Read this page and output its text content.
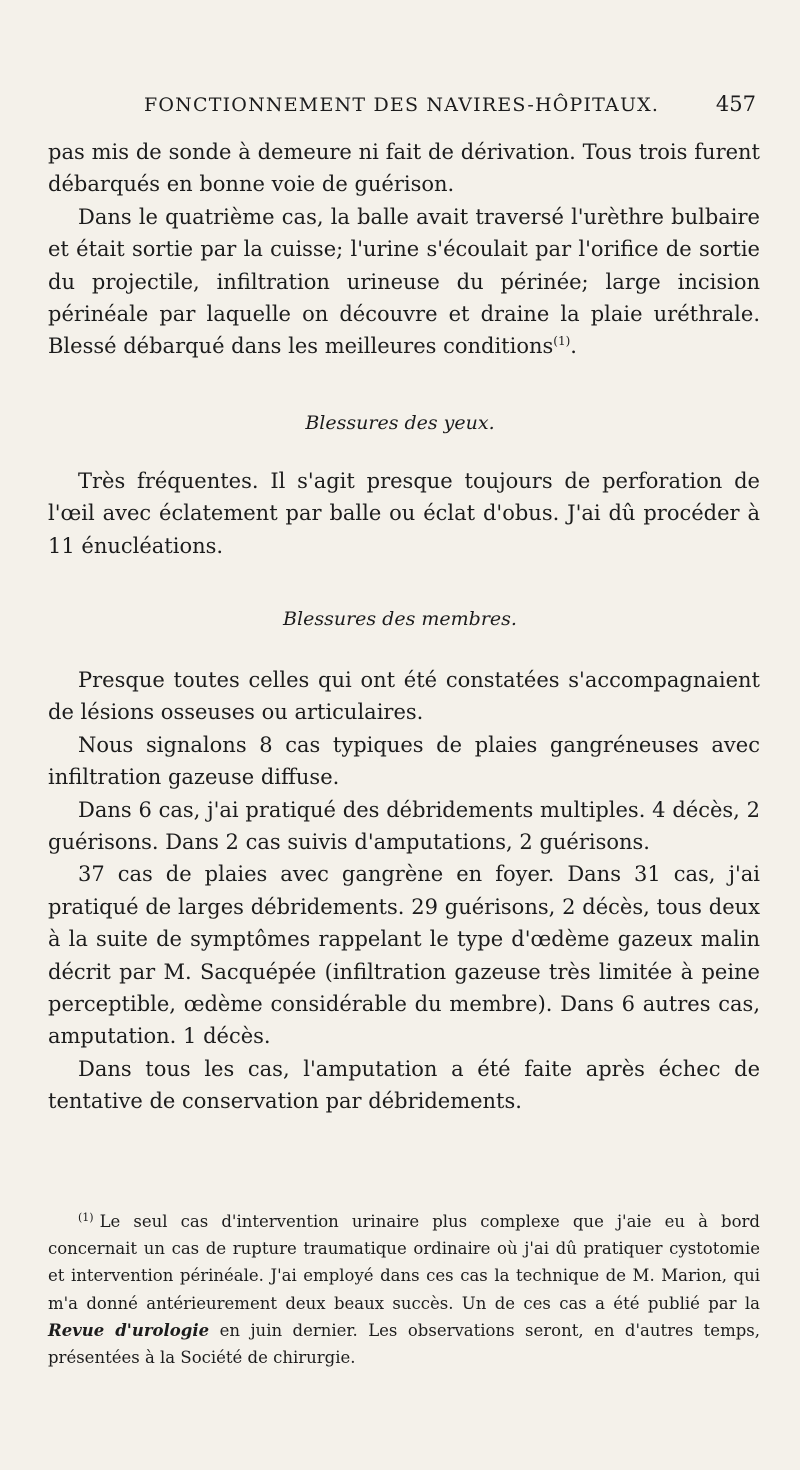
FONCTIONNEMENT DES NAVIRES-HÔPITAUX.	457

pas mis de sonde à demeure ni fait de dérivation. Tous trois furent débarqués en bonne voie de guérison.

Dans le quatrième cas, la balle avait traversé l'urèthre bulbaire et était sortie par la cuisse; l'urine s'écoulait par l'orifice de sortie du projectile, infiltration urineuse du périnée; large incision périnéale par laquelle on découvre et draine la plaie uréthrale. Blessé débarqué dans les meilleures conditions$^{(1)}$.

Blessures des yeux.

Très fréquentes. Il s'agit presque toujours de perforation de l'œil avec éclatement par balle ou éclat d'obus. J'ai dû procéder à 11 énucléations.

Blessures des membres.

Presque toutes celles qui ont été constatées s'accompagnaient de lésions osseuses ou articulaires.

Nous signalons 8 cas typiques de plaies gangréneuses avec infiltration gazeuse diffuse.

Dans 6 cas, j'ai pratiqué des débridements multiples. 4 décès, 2 guérisons. Dans 2 cas suivis d'amputations, 2 guérisons.

37 cas de plaies avec gangrène en foyer. Dans 31 cas, j'ai pratiqué de larges débridements. 29 guérisons, 2 décès, tous deux à la suite de symptômes rappelant le type d'œdème gazeux malin décrit par M. Sacquépée (infiltration gazeuse très limitée à peine perceptible, œdème considérable du membre). Dans 6 autres cas, amputation. 1 décès.

Dans tous les cas, l'amputation a été faite après échec de tentative de conservation par débridements.

$^{(1)}$ Le seul cas d'intervention urinaire plus complexe que j'aie eu à bord concernait un cas de rupture traumatique ordinaire où j'ai dû pratiquer cystotomie et intervention périnéale. J'ai employé dans ces cas la technique de M. Marion, qui m'a donné antérieurement deux beaux succès. Un de ces cas a été publié par la Revue d'urologie en juin dernier. Les observations seront, en d'autres temps, présentées à la Société de chirurgie.
